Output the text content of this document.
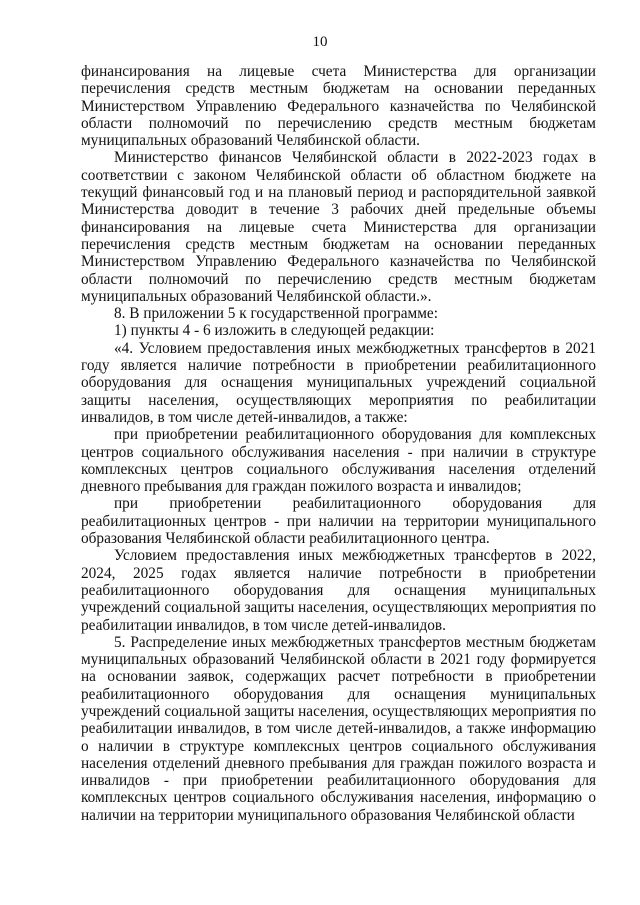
10

финансирования на лицевые счета Министерства для организации перечисления средств местным бюджетам на основании переданных Министерством Управлению Федерального казначейства по Челябинской области полномочий по перечислению средств местным бюджетам муниципальных образований Челябинской области.

Министерство финансов Челябинской области в 2022-2023 годах в соответствии с законом Челябинской области об областном бюджете на текущий финансовый год и на плановый период и распорядительной заявкой Министерства доводит в течение 3 рабочих дней предельные объемы финансирования на лицевые счета Министерства для организации перечисления средств местным бюджетам на основании переданных Министерством Управлению Федерального казначейства по Челябинской области полномочий по перечислению средств местным бюджетам муниципальных образований Челябинской области.».

8. В приложении 5 к государственной программе:

1) пункты 4 - 6 изложить в следующей редакции:

«4. Условием предоставления иных межбюджетных трансфертов в 2021 году является наличие потребности в приобретении реабилитационного оборудования для оснащения муниципальных учреждений социальной защиты населения, осуществляющих мероприятия по реабилитации инвалидов, в том числе детей-инвалидов, а также:

при приобретении реабилитационного оборудования для комплексных центров социального обслуживания населения - при наличии в структуре комплексных центров социального обслуживания населения отделений дневного пребывания для граждан пожилого возраста и инвалидов;

при приобретении реабилитационного оборудования для реабилитационных центров - при наличии на территории муниципального образования Челябинской области реабилитационного центра.

Условием предоставления иных межбюджетных трансфертов в 2022, 2024, 2025 годах является наличие потребности в приобретении реабилитационного оборудования для оснащения муниципальных учреждений социальной защиты населения, осуществляющих мероприятия по реабилитации инвалидов, в том числе детей-инвалидов.

5. Распределение иных межбюджетных трансфертов местным бюджетам муниципальных образований Челябинской области в 2021 году формируется на основании заявок, содержащих расчет потребности в приобретении реабилитационного оборудования для оснащения муниципальных учреждений социальной защиты населения, осуществляющих мероприятия по реабилитации инвалидов, в том числе детей-инвалидов, а также информацию о наличии в структуре комплексных центров социального обслуживания населения отделений дневного пребывания для граждан пожилого возраста и инвалидов - при приобретении реабилитационного оборудования для комплексных центров социального обслуживания населения, информацию о наличии на территории муниципального образования Челябинской области
